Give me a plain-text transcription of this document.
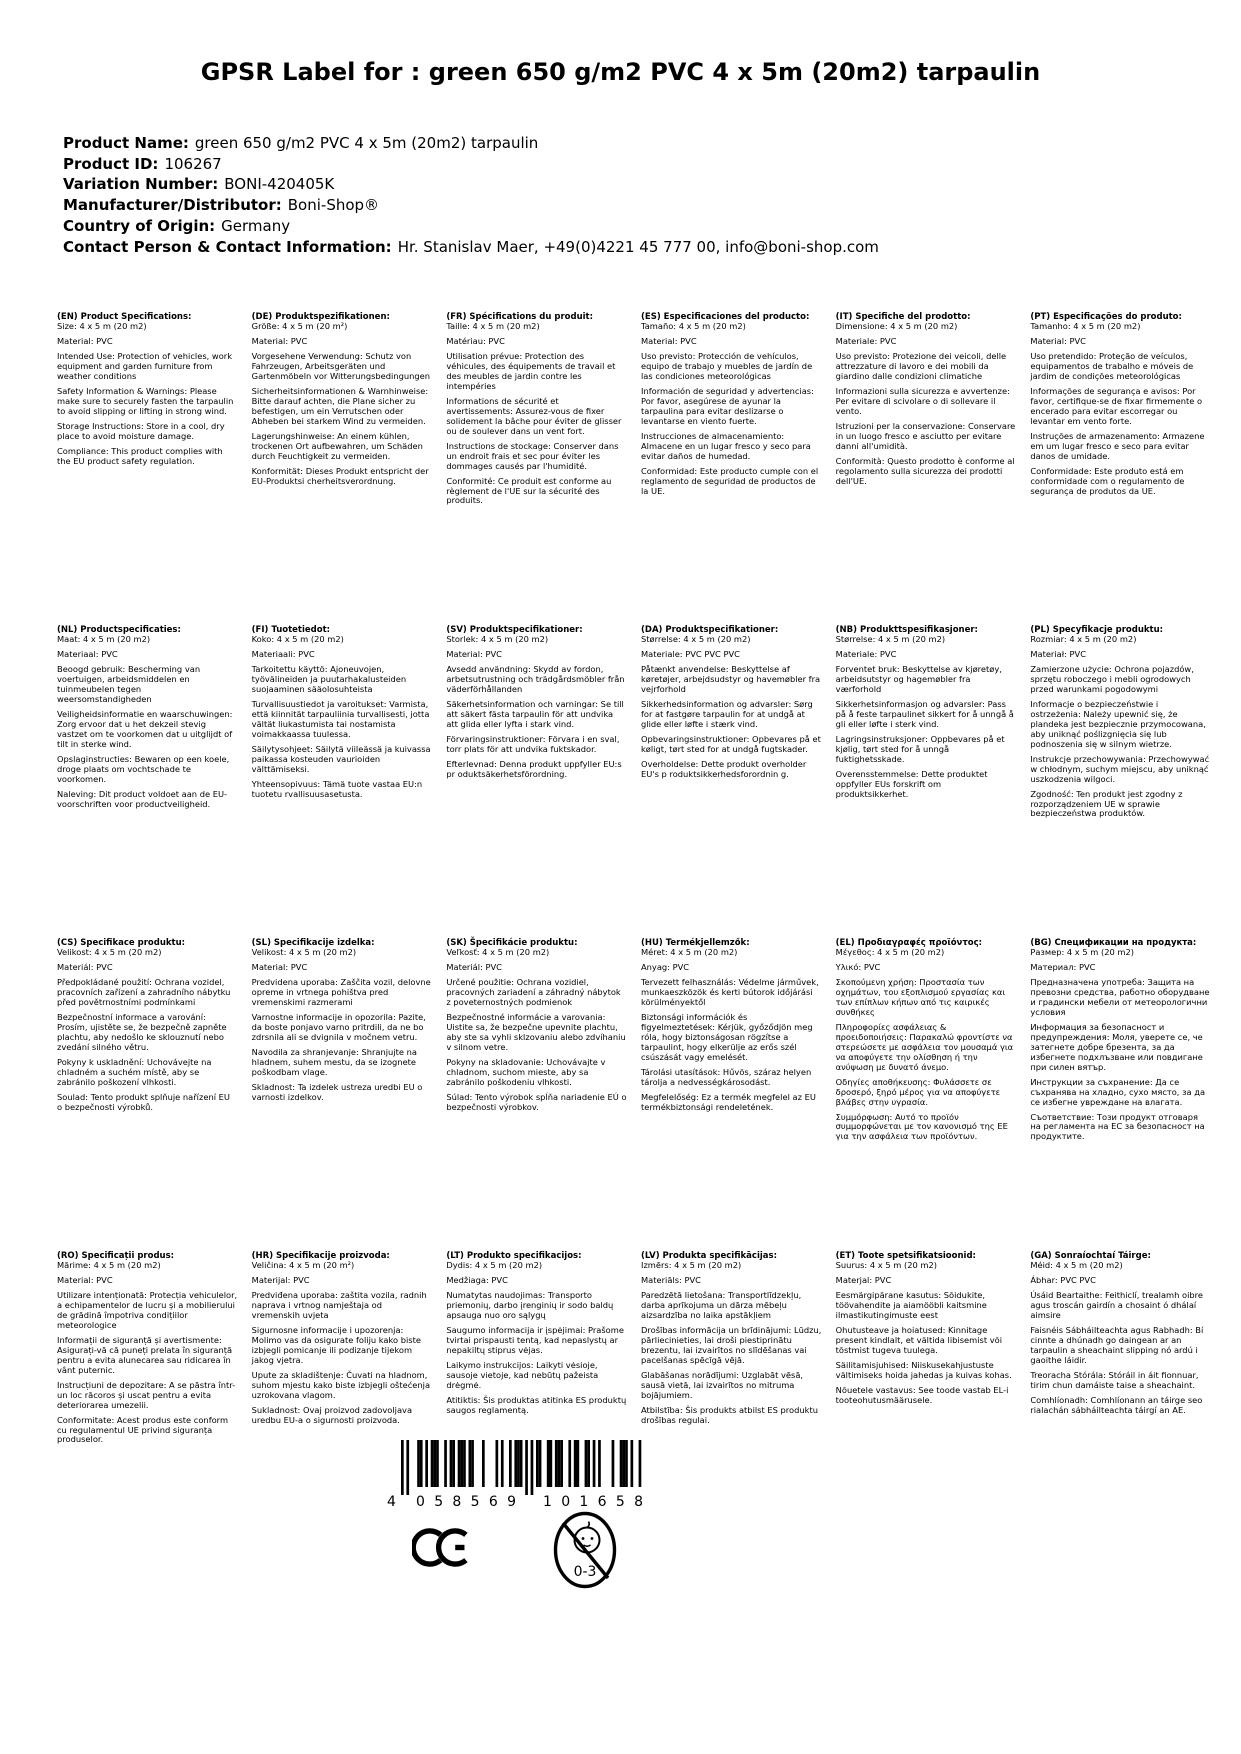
GPSR Label for : green 650 g/m2 PVC 4 x 5m (20m2) tarpaulin
Product Name: green 650 g/m2 PVC 4 x 5m (20m2) tarpaulin
Product ID: 106267
Variation Number: BONI-420405K
Manufacturer/Distributor: Boni-Shop®
Country of Origin: Germany
Contact Person & Contact Information: Hr. Stanislav Maer, +49(0)4221 45 777 00, info@boni-shop.com
(EN) Product Specifications:

Size: 4 x 5 m (20 m2)

Material: PVC

Intended Use: Protection of vehicles, work equipment and garden furniture from weather conditions

Safety Information & Warnings: Please make sure to securely fasten the tarpaulin to avoid slipping or lifting in strong wind.

Storage Instructions: Store in a cool, dry place to avoid moisture damage.

Compliance: This product complies with the EU product safety regulation.

(DE) Produktspezifikationen:

Größe: 4 x 5 m (20 m²)

Material: PVC

Vorgesehene Verwendung: Schutz von Fahrzeugen, Arbeitsgeräten und Gartenmöbeln vor Witterungsbedingungen

Sicherheitsinformationen & Warnhinweise: Bitte darauf achten, die Plane sicher zu befestigen, um ein Verrutschen oder Abheben bei starkem Wind zu vermeiden.

Lagerungshinweise: An einem kühlen, trockenen Ort aufbewahren, um Schäden durch Feuchtigkeit zu vermeiden.

Konformität: Dieses Produkt entspricht der EU-Produktsi cherheitsverordnung.

(FR) Spécifications du produit:

Taille: 4 x 5 m (20 m2)

Matériau: PVC

Utilisation prévue: Protection des véhicules, des équipements de travail et des meubles de jardin contre les intempéries

Informations de sécurité et avertissements: Assurez-vous de fixer solidement la bâche pour éviter de glisser ou de soulever dans un vent fort.

Instructions de stockage: Conserver dans un endroit frais et sec pour éviter les dommages causés par l'humidité.

Conformité: Ce produit est conforme au règlement de l'UE sur la sécurité des produits.

(ES) Especificaciones del producto:

Tamaño: 4 x 5 m (20 m2)

Material: PVC

Uso previsto: Protección de vehículos, equipo de trabajo y muebles de jardín de las condiciones meteorológicas

Información de seguridad y advertencias: Por favor, asegúrese de ayunar la tarpaulina para evitar deslizarse o levantarse en viento fuerte.

Instrucciones de almacenamiento: Almacene en un lugar fresco y seco para evitar daños de humedad.

Conformidad: Este producto cumple con el reglamento de seguridad de productos de la UE.

(IT) Specifiche del prodotto:

Dimensione: 4 x 5 m (20 m2)

Materiale: PVC

Uso previsto: Protezione dei veicoli, delle attrezzature di lavoro e dei mobili da giardino dalle condizioni climatiche

Informazioni sulla sicurezza e avvertenze: Per evitare di scivolare o di sollevare il vento.

Istruzioni per la conservazione: Conservare in un luogo fresco e asciutto per evitare danni all'umidità.

Conformità: Questo prodotto è conforme al regolamento sulla sicurezza dei prodotti dell'UE.

(PT) Especificações do produto:

Tamanho: 4 x 5 m (20 m2)

Material: PVC

Uso pretendido: Proteção de veículos, equipamentos de trabalho e móveis de jardim de condições meteorológicas

Informações de segurança e avisos: Por favor, certifique-se de fixar firmemente o encerado para evitar escorregar ou levantar em vento forte.

Instruções de armazenamento: Armazene em um lugar fresco e seco para evitar danos de umidade.

Conformidade: Este produto está em conformidade com o regulamento de segurança de produtos da UE.

(NL) Productspecificaties:

Maat: 4 x 5 m (20 m2)

Materiaal: PVC

Beoogd gebruik: Bescherming van voertuigen, arbeidsmiddelen en tuinmeubelen tegen weersomstandigheden

Veiligheidsinformatie en waarschuwingen: Zorg ervoor dat u het dekzeil stevig vastzet om te voorkomen dat u uitglijdt of tilt in sterke wind.

Opslaginstructies: Bewaren op een koele, droge plaats om vochtschade te voorkomen.

Naleving: Dit product voldoet aan de EU-voorschriften voor productveiligheid.

(FI) Tuotetiedot:

Koko: 4 x 5 m (20 m2)

Materiaali: PVC

Tarkoitettu käyttö: Ajoneuvojen, työvälineiden ja puutarhakalusteiden suojaaminen sääolosuhteista

Turvallisuustiedot ja varoitukset: Varmista, että kiinnität tarpauliinia turvallisesti, jotta vältät liukastumista tai nostamista voimakkaassa tuulessa.

Säilytysohjeet: Säilytä viileässä ja kuivassa paikassa kosteuden vaurioiden välttämiseksi.

Yhteensopivuus: Tämä tuote vastaa EU:n tuotetu rvallisuusasetusta.

(SV) Produktspecifikationer:

Storlek: 4 x 5 m (20 m2)

Material: PVC

Avsedd användning: Skydd av fordon, arbetsutrustning och trädgårdsmöbler från väderförhållanden

Säkerhetsinformation och varningar: Se till att säkert fästa tarpaulin för att undvika att glida eller lyfta i stark vind.

Förvaringsinstruktioner: Förvara i en sval, torr plats för att undvika fuktskador.

Efterlevnad: Denna produkt uppfyller EU:s pr oduktsäkerhetsförordning.

(DA) Produktspecifikationer:

Størrelse: 4 x 5 m (20 m2)

Materiale: PVC PVC PVC

Påtænkt anvendelse: Beskyttelse af køretøjer, arbejdsudstyr og havemøbler fra vejrforhold

Sikkerhedsinformation og advarsler: Sørg for at fastgøre tarpaulin for at undgå at glide eller løfte i stærk vind.

Opbevaringsinstruktioner: Opbevares på et køligt, tørt sted for at undgå fugtskader.

Overholdelse: Dette produkt overholder EU's p roduktsikkerhedsforordnin g.

(NB) Produkttspesifikasjoner:

Størrelse: 4 x 5 m (20 m2)

Materiale: PVC

Forventet bruk: Beskyttelse av kjøretøy, arbeidsutstyr og hagemøbler fra værforhold

Sikkerhetsinformasjon og advarsler: Pass på å feste tarpaulinet sikkert for å unngå å gli eller løfte i sterk vind.

Lagringsinstruksjoner: Oppbevares på et kjølig, tørt sted for å unngå fuktighetsskade.

Overensstemmelse: Dette produktet oppfyller EUs forskrift om produktsikkerhet.

(PL) Specyfikacje produktu:

Rozmiar: 4 x 5 m (20 m2)

Materiał: PVC

Zamierzone użycie: Ochrona pojazdów, sprzętu roboczego i mebli ogrodowych przed warunkami pogodowymi

Informacje o bezpieczeństwie i ostrzeżenia: Należy upewnić się, że plandeka jest bezpiecznie przymocowana, aby uniknąć poślizgnięcia się lub podnoszenia się w silnym wietrze.

Instrukcje przechowywania: Przechowywać w chłodnym, suchym miejscu, aby uniknąć uszkodzenia wilgoci.

Zgodność: Ten produkt jest zgodny z rozporządzeniem UE w sprawie bezpieczeństwa produktów.

(CS) Specifikace produktu:

Velikost: 4 x 5 m (20 m2)

Materiál: PVC

Předpokládané použití: Ochrana vozidel, pracovních zařízení a zahradního nábytku před povětrnostními podmínkami

Bezpečnostní informace a varování: Prosím, ujistěte se, že bezpečně zapněte plachtu, aby nedošlo ke sklouznutí nebo zvedání silného větru.

Pokyny k uskladnění: Uchovávejte na chladném a suchém místě, aby se zabránilo poškození vlhkosti.

Soulad: Tento produkt splňuje nařízení EU o bezpečnosti výrobků.

(SL) Specifikacije izdelka:

Velikost: 4 x 5 m (20 m2)

Material: PVC

Predvidena uporaba: Zaščita vozil, delovne opreme in vrtnega pohištva pred vremenskimi razmerami

Varnostne informacije in opozorila: Pazite, da boste ponjavo varno pritrdili, da ne bo zdrsnila ali se dvignila v močnem vetru.

Navodila za shranjevanje: Shranjujte na hladnem, suhem mestu, da se izognete poškodbam vlage.

Skladnost: Ta izdelek ustreza uredbi EU o varnosti izdelkov.

(SK) Špecifikácie produktu:

Veľkosť: 4 x 5 m (20 m2)

Materiál: PVC

Určené použitie: Ochrana vozidiel, pracovných zariadení a záhradný nábytok z poveternostných podmienok

Bezpečnostné informácie a varovania: Uistite sa, že bezpečne upevnite plachtu, aby ste sa vyhli sklzovaniu alebo zdvíhaniu v silnom vetre.

Pokyny na skladovanie: Uchovávajte v chladnom, suchom mieste, aby sa zabránilo poškodeniu vlhkosti.

Súlad: Tento výrobok spĺňa nariadenie EÚ o bezpečnosti výrobkov.

(HU) Termékjellemzők:

Méret: 4 x 5 m (20 m2)

Anyag: PVC

Tervezett felhasználás: Védelme járművek, munkaeszközök és kerti bútorok időjárási körülményektől

Biztonsági információk és figyelmeztetések: Kérjük, győződjön meg róla, hogy biztonságosan rögzítse a tarpaulint, hogy elkerülje az erős szél csúszását vagy emelését.

Tárolási utasítások: Hűvös, száraz helyen tárolja a nedvességkárosodást.

Megfelelőség: Ez a termék megfelel az EU termékbiztonsági rendeletének.

(EL) Προδιαγραφές προϊόντος:

Μέγεθος: 4 x 5 m (20 m2)

Υλικό: PVC

Σκοπούμενη χρήση: Προστασία των οχημάτων, του εξοπλισμού εργασίας και των επίπλων κήπων από τις καιρικές συνθήκες

Πληροφορίες ασφάλειας & προειδοποιήσεις: Παρακαλώ φροντίστε να στερεώσετε με ασφάλεια τον μουσαμά για να αποφύγετε την ολίσθηση ή την ανύψωση με δυνατό άνεμο.

Οδηγίες αποθήκευσης: Φυλάσσετε σε δροσερό, ξηρό μέρος για να αποφύγετε βλάβες στην υγρασία.

Συμμόρφωση: Αυτό το προϊόν συμμορφώνεται με τον κανονισμό της ΕΕ για την ασφάλεια των προϊόντων.

(BG) Спецификации на продукта:

Размер: 4 x 5 m (20 m2)

Материал: PVC

Предназначена употреба: Защита на превозни средства, работно оборудване и градински мебели от метеорологични условия

Информация за безопасност и предупреждения: Моля, уверете се, че затегнете добре брезента, за да избегнете подхлъзване или повдигане при силен вятър.

Инструкции за съхранение: Да се съхранява на хладно, сухо място, за да се избегне увреждане на влагата.

Съответствие: Този продукт отговаря на регламента на ЕС за безопасност на продуктите.

(RO) Specificații produs:

Mărime: 4 x 5 m (20 m2)

Material: PVC

Utilizare intenționată: Protecția vehiculelor, a echipamentelor de lucru și a mobilierului de grădină împotriva condițiilor meteorologice

Informații de siguranță și avertismente: Asigurați-vă că puneți prelata în siguranță pentru a evita alunecarea sau ridicarea în vânt puternic.

Instrucțiuni de depozitare: A se păstra într- un loc răcoros și uscat pentru a evita deteriorarea umezelii.

Conformitate: Acest produs este conform cu regulamentul UE privind siguranța produselor.

(HR) Specifikacije proizvoda:

Veličina: 4 x 5 m (20 m²)

Materijal: PVC

Predviđena uporaba: zaštita vozila, radnih naprava i vrtnog namještaja od vremenskih uvjeta

Sigurnosne informacije i upozorenja: Molimo vas da osigurate foliju kako biste izbjegli pomicanje ili podizanje tijekom jakog vjetra.

Upute za skladištenje: Čuvati na hladnom, suhom mjestu kako biste izbjegli oštećenja uzrokovana vlagom.

Sukladnost: Ovaj proizvod zadovoljava uredbu EU-a o sigurnosti proizvoda.

(LT) Produkto specifikacijos:

Dydis: 4 x 5 m (20 m2)

Medžiaga: PVC

Numatytas naudojimas: Transporto priemonių, darbo įrenginių ir sodo baldų apsauga nuo oro sąlygų

Saugumo informacija ir įspėjimai: Prašome tvirtai prispausti tentą, kad nepaslystų ar nepakiltų stiprus vėjas.

Laikymo instrukcijos: Laikyti vėsioje, sausoje vietoje, kad nebūtų pažeista drėgmė.

Atitiktis: Šis produktas atitinka ES produktų saugos reglamentą.

(LV) Produkta specifikācijas:

Izmērs: 4 x 5 m (20 m2)

Materiāls: PVC

Paredzētā lietošana: Transportlīdzekļu, darba aprīkojuma un dārza mēbeļu aizsardzība no laika apstākļiem

Drošības informācija un brīdinājumi: Lūdzu, pārliecinieties, lai droši piestiprinātu brezentu, lai izvairītos no slīdēšanas vai pacelšanas spēcīgā vējā.

Glabāšanas norādījumi: Uzglabāt vēsā, sausā vietā, lai izvairītos no mitruma bojājumiem.

Atbilstība: Šis produkts atbilst ES produktu drošības regulai.

(ET) Toote spetsifikatsioonid:

Suurus: 4 x 5 m (20 m2)

Materjal: PVC

Eesmärgipärane kasutus: Sõidukite, töövahendite ja aiamööbli kaitsmine ilmastikutingimuste eest

Ohutusteave ja hoiatused: Kinnitage present kindlalt, et vältida libisemist või tõstmist tugeva tuulega.

Säilitamisjuhised: Niiskusekahjustuste vältimiseks hoida jahedas ja kuivas kohas.

Nõuetele vastavus: See toode vastab EL-i tooteohutusmäärusele.

(GA) Sonraíochtaí Táirge:

Méid: 4 x 5 m (20 m2)

Ábhar: PVC PVC

Úsáid Beartaithe: Feithiclí, trealamh oibre agus troscán gairdín a chosaint ó dhálaí aimsire

Faisnéis Sábháilteachta agus Rabhadh: Bí cinnte a dhúnadh go daingean ar an tarpaulin a sheachaint slipping nó ardú i gaoithe láidir.

Treoracha Stórála: Stóráil in áit fionnuar, tirim chun damáiste taise a sheachaint.

Comhlíonadh: Comhlíonann an táirge seo rialachán sábháilteachta táirgí an AE.

4 058569 101658
0-3
